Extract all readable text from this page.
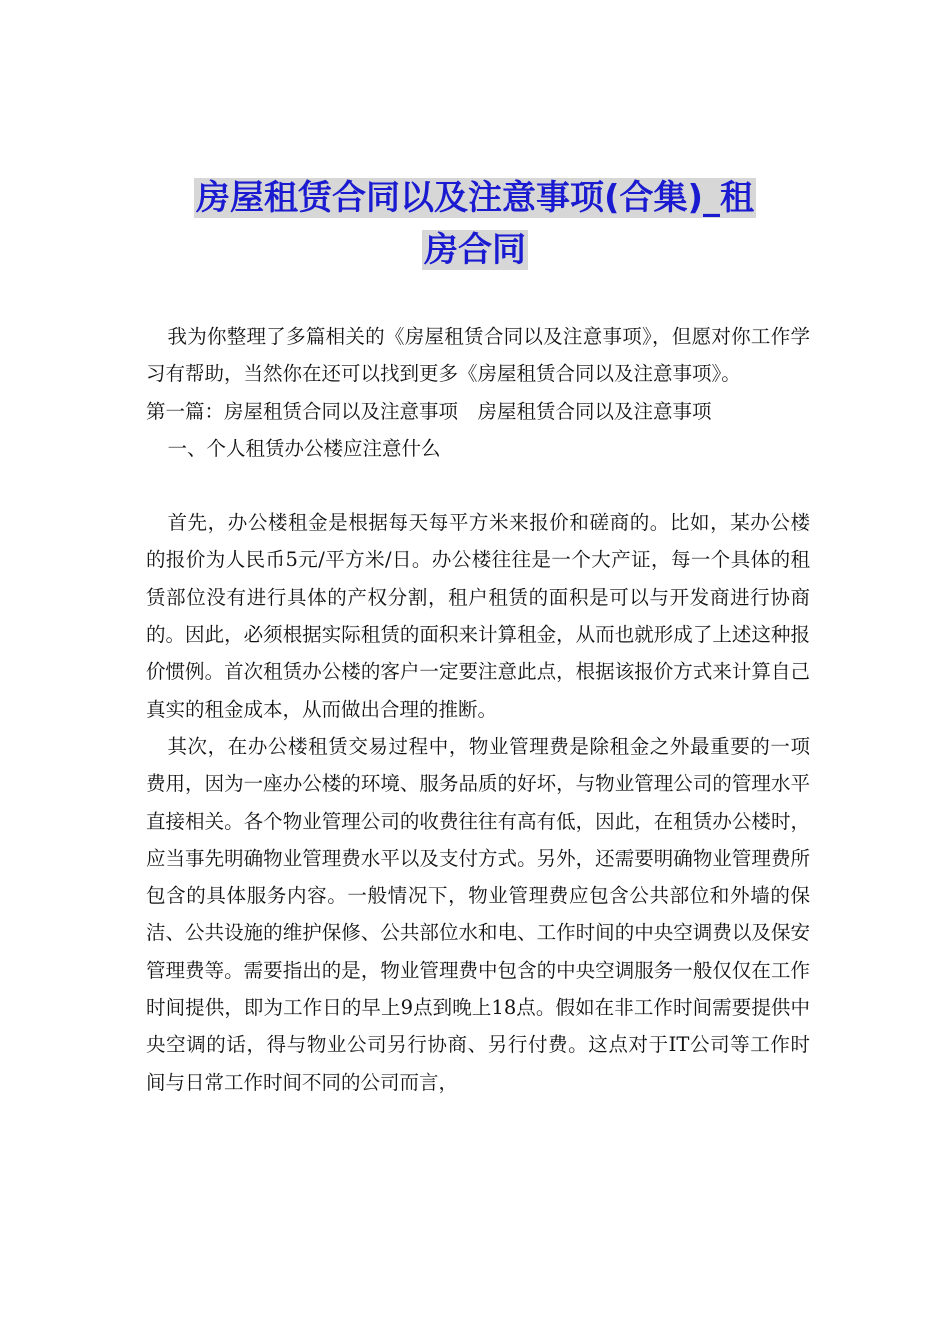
房屋租赁合同以及注意事项(合集)_租
房合同

我为你整理了多篇相关的《房屋租赁合同以及注意事项》，但愿对你工作学习有帮助，当然你在还可以找到更多《房屋租赁合同以及注意事项》。

第一篇：房屋租赁合同以及注意事项　房屋租赁合同以及注意事项

一、个人租赁办公楼应注意什么

首先，办公楼租金是根据每天每平方米来报价和磋商的。比如，某办公楼的报价为人民币5元/平方米/日。办公楼往往是一个大产证，每一个具体的租赁部位没有进行具体的产权分割，租户租赁的面积是可以与开发商进行协商的。因此，必须根据实际租赁的面积来计算租金，从而也就形成了上述这种报价惯例。首次租赁办公楼的客户一定要注意此点，根据该报价方式来计算自己真实的租金成本，从而做出合理的推断。

其次，在办公楼租赁交易过程中，物业管理费是除租金之外最重要的一项费用，因为一座办公楼的环境、服务品质的好坏，与物业管理公司的管理水平直接相关。各个物业管理公司的收费往往有高有低，因此，在租赁办公楼时，应当事先明确物业管理费水平以及支付方式。另外，还需要明确物业管理费所包含的具体服务内容。一般情况下，物业管理费应包含公共部位和外墙的保洁、公共设施的维护保修、公共部位水和电、工作时间的中央空调费以及保安管理费等。需要指出的是，物业管理费中包含的中央空调服务一般仅仅在工作时间提供，即为工作日的早上9点到晚上18点。假如在非工作时间需要提供中央空调的话，得与物业公司另行协商、另行付费。这点对于IT公司等工作时间与日常工作时间不同的公司而言，
